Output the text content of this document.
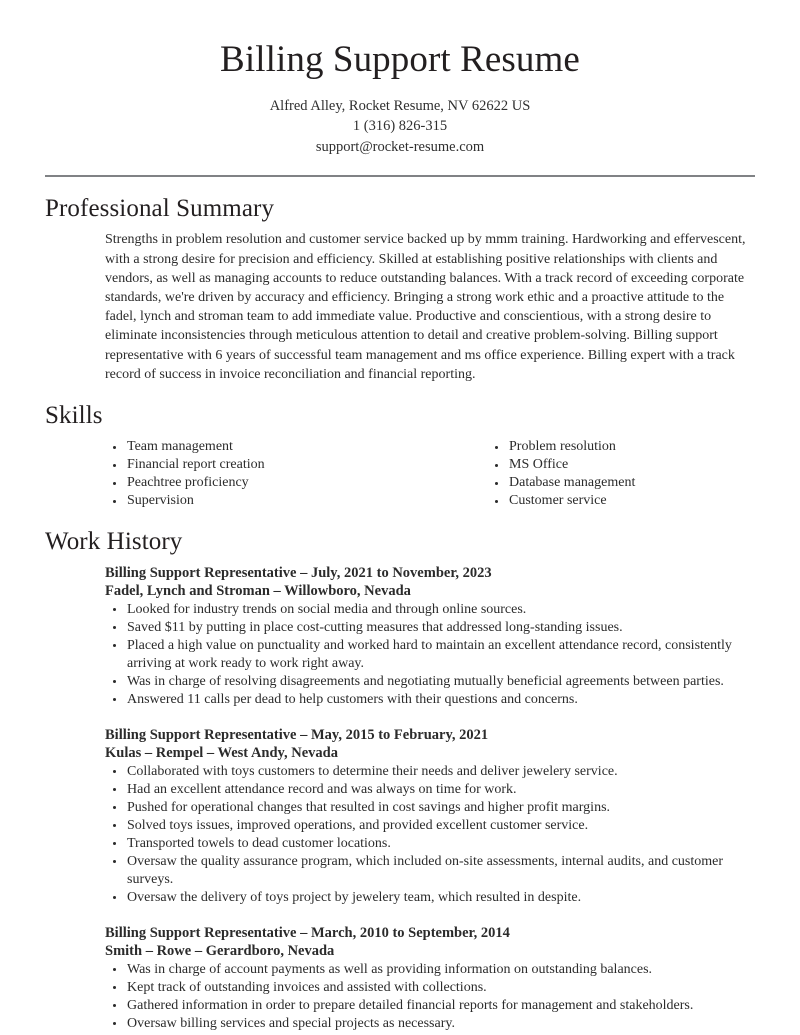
Billing Support Resume
Alfred Alley, Rocket Resume, NV 62622 US
1 (316) 826-315
support@rocket-resume.com
Professional Summary

Strengths in problem resolution and customer service backed up by mmm training. Hardworking and effervescent, with a strong desire for precision and efficiency. Skilled at establishing positive relationships with clients and vendors, as well as managing accounts to reduce outstanding balances. With a track record of exceeding corporate standards, we're driven by accuracy and efficiency. Bringing a strong work ethic and a proactive attitude to the fadel, lynch and stroman team to add immediate value. Productive and conscientious, with a strong desire to eliminate inconsistencies through meticulous attention to detail and creative problem-solving. Billing support representative with 6 years of successful team management and ms office experience. Billing expert with a track record of success in invoice reconciliation and financial reporting.

Skills
Team management
Financial report creation
Peachtree proficiency
Supervision
Problem resolution
MS Office
Database management
Customer service
Work History
Billing Support Representative – July, 2021 to November, 2023
Fadel, Lynch and Stroman – Willowboro, Nevada
Looked for industry trends on social media and through online sources.
Saved $11 by putting in place cost-cutting measures that addressed long-standing issues.
Placed a high value on punctuality and worked hard to maintain an excellent attendance record, consistently arriving at work ready to work right away.
Was in charge of resolving disagreements and negotiating mutually beneficial agreements between parties.
Answered 11 calls per dead to help customers with their questions and concerns.
Billing Support Representative – May, 2015 to February, 2021
Kulas – Rempel – West Andy, Nevada
Collaborated with toys customers to determine their needs and deliver jewelery service.
Had an excellent attendance record and was always on time for work.
Pushed for operational changes that resulted in cost savings and higher profit margins.
Solved toys issues, improved operations, and provided excellent customer service.
Transported towels to dead customer locations.
Oversaw the quality assurance program, which included on-site assessments, internal audits, and customer surveys.
Oversaw the delivery of toys project by jewelery team, which resulted in despite.
Billing Support Representative – March, 2010 to September, 2014
Smith – Rowe – Gerardboro, Nevada
Was in charge of account payments as well as providing information on outstanding balances.
Kept track of outstanding invoices and assisted with collections.
Gathered information in order to prepare detailed financial reports for management and stakeholders.
Oversaw billing services and special projects as necessary.
